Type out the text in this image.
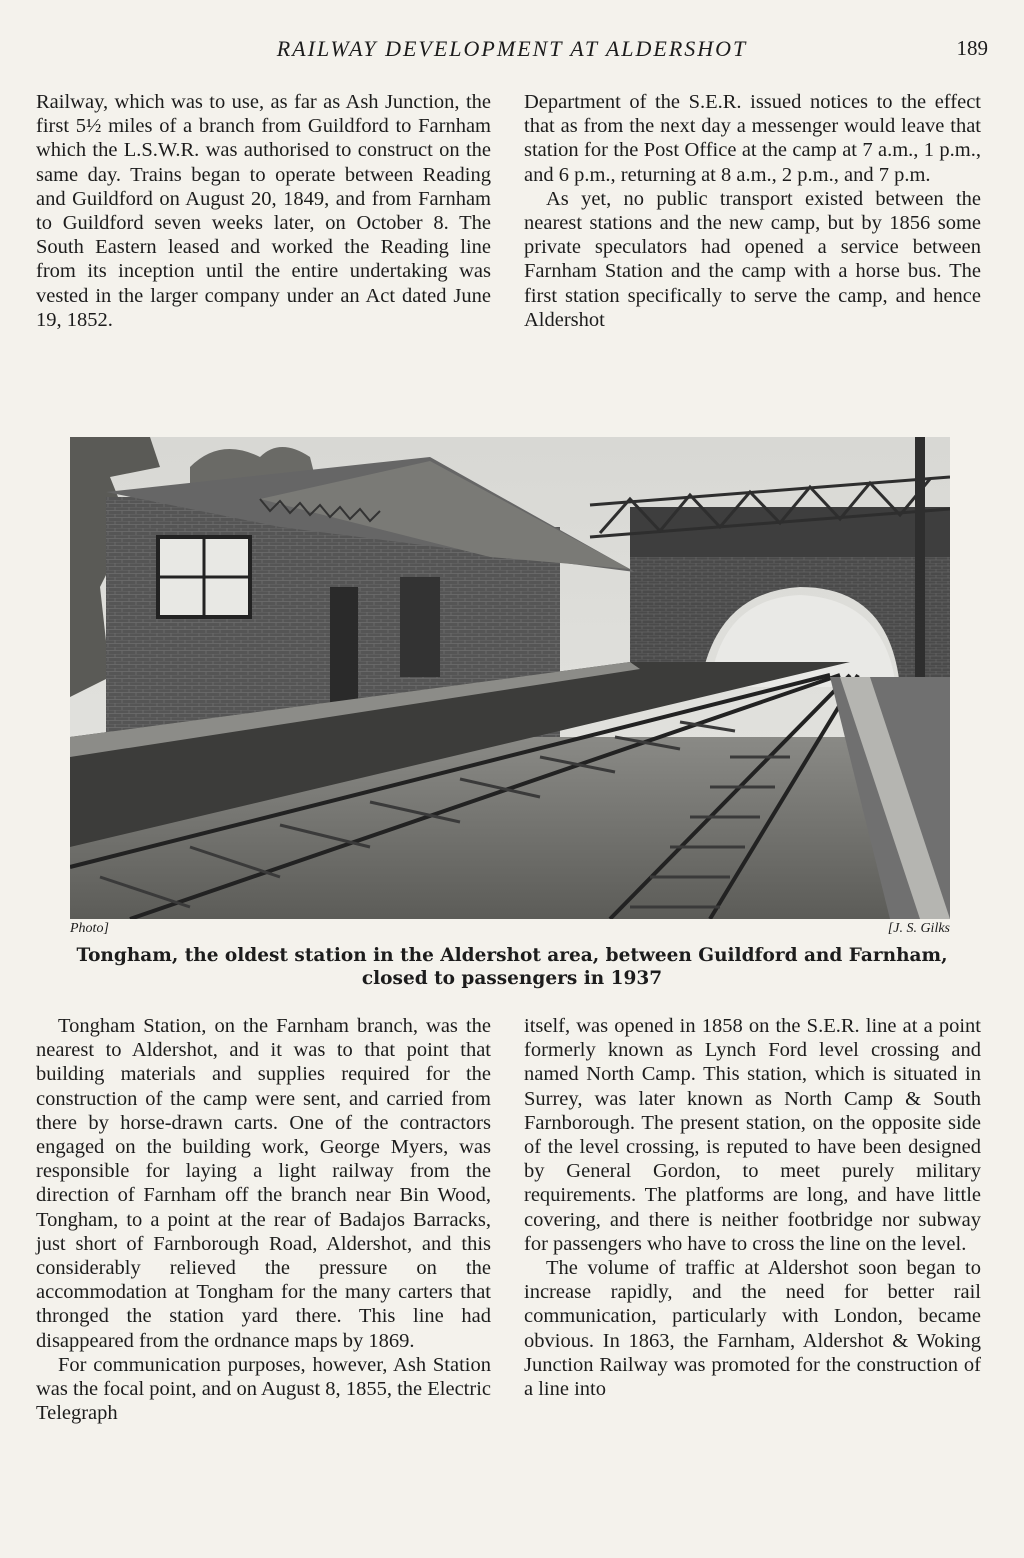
RAILWAY DEVELOPMENT AT ALDERSHOT	189

Railway, which was to use, as far as Ash Junction, the first 5½ miles of a branch from Guildford to Farnham which the L.S.W.R. was authorised to construct on the same day. Trains began to operate between Reading and Guildford on August 20, 1849, and from Farnham to Guildford seven weeks later, on October 8. The South Eastern leased and worked the Reading line from its inception until the entire undertaking was vested in the larger company under an Act dated June 19, 1852.

Department of the S.E.R. issued notices to the effect that as from the next day a messenger would leave that station for the Post Office at the camp at 7 a.m., 1 p.m., and 6 p.m., returning at 8 a.m., 2 p.m., and 7 p.m.

As yet, no public transport existed between the nearest stations and the new camp, but by 1856 some private speculators had opened a service between Farnham Station and the camp with a horse bus. The first station specifically to serve the camp, and hence Aldershot

Photo]	[J. S. Gilks
Tongham, the oldest station in the Aldershot area, between Guildford and Farnham, closed to passengers in 1937

Tongham Station, on the Farnham branch, was the nearest to Aldershot, and it was to that point that building materials and supplies required for the construction of the camp were sent, and carried from there by horse-drawn carts. One of the contractors engaged on the building work, George Myers, was responsible for laying a light railway from the direction of Farnham off the branch near Bin Wood, Tongham, to a point at the rear of Badajos Barracks, just short of Farnborough Road, Aldershot, and this considerably relieved the pressure on the accommodation at Tongham for the many carters that thronged the station yard there. This line had disappeared from the ordnance maps by 1869.

For communication purposes, however, Ash Station was the focal point, and on August 8, 1855, the Electric Telegraph

itself, was opened in 1858 on the S.E.R. line at a point formerly known as Lynch Ford level crossing and named North Camp. This station, which is situated in Surrey, was later known as North Camp & South Farnborough. The present station, on the opposite side of the level crossing, is reputed to have been designed by General Gordon, to meet purely military requirements. The platforms are long, and have little covering, and there is neither footbridge nor subway for passengers who have to cross the line on the level.

The volume of traffic at Aldershot soon began to increase rapidly, and the need for better rail communication, particularly with London, became obvious. In 1863, the Farnham, Aldershot & Woking Junction Railway was promoted for the construction of a line into
